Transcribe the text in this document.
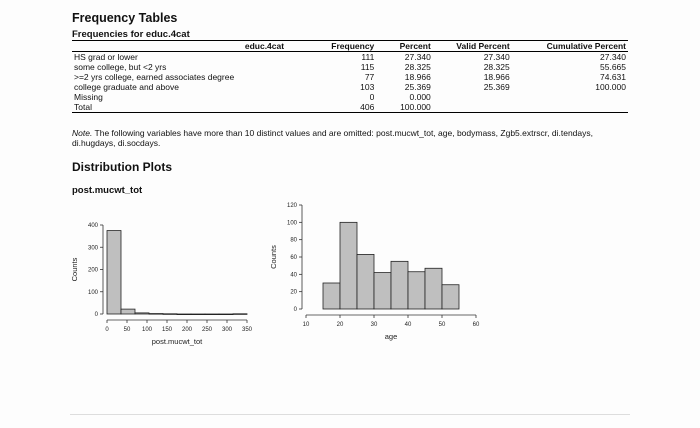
Frequency Tables
Frequencies for educ.4cat
educ.4cat	Frequency	Percent	Valid Percent	Cumulative Percent
HS grad or lower	111	27.340	27.340	27.340
some college, but <2 yrs	115	28.325	28.325	55.665
>=2 yrs college, earned associates degree	77	18.966	18.966	74.631
college graduate and above	103	25.369	25.369	100.000
Missing	0	0.000		
Total	406	100.000		
Note. The following variables have more than 10 distinct values and are omitted: post.mucwt_tot, age, bodymass, Zgb5.extrscr, di.tendays, di.hugdays, di.socdays.
Distribution Plots
post.mucwt_tot
0
100
200
300
400
0 50 100 150 200 250 300 350
post.mucwt_tot
Counts
0
20
40
60
80
100
120
10	20	30	40	50	60
age
Counts
